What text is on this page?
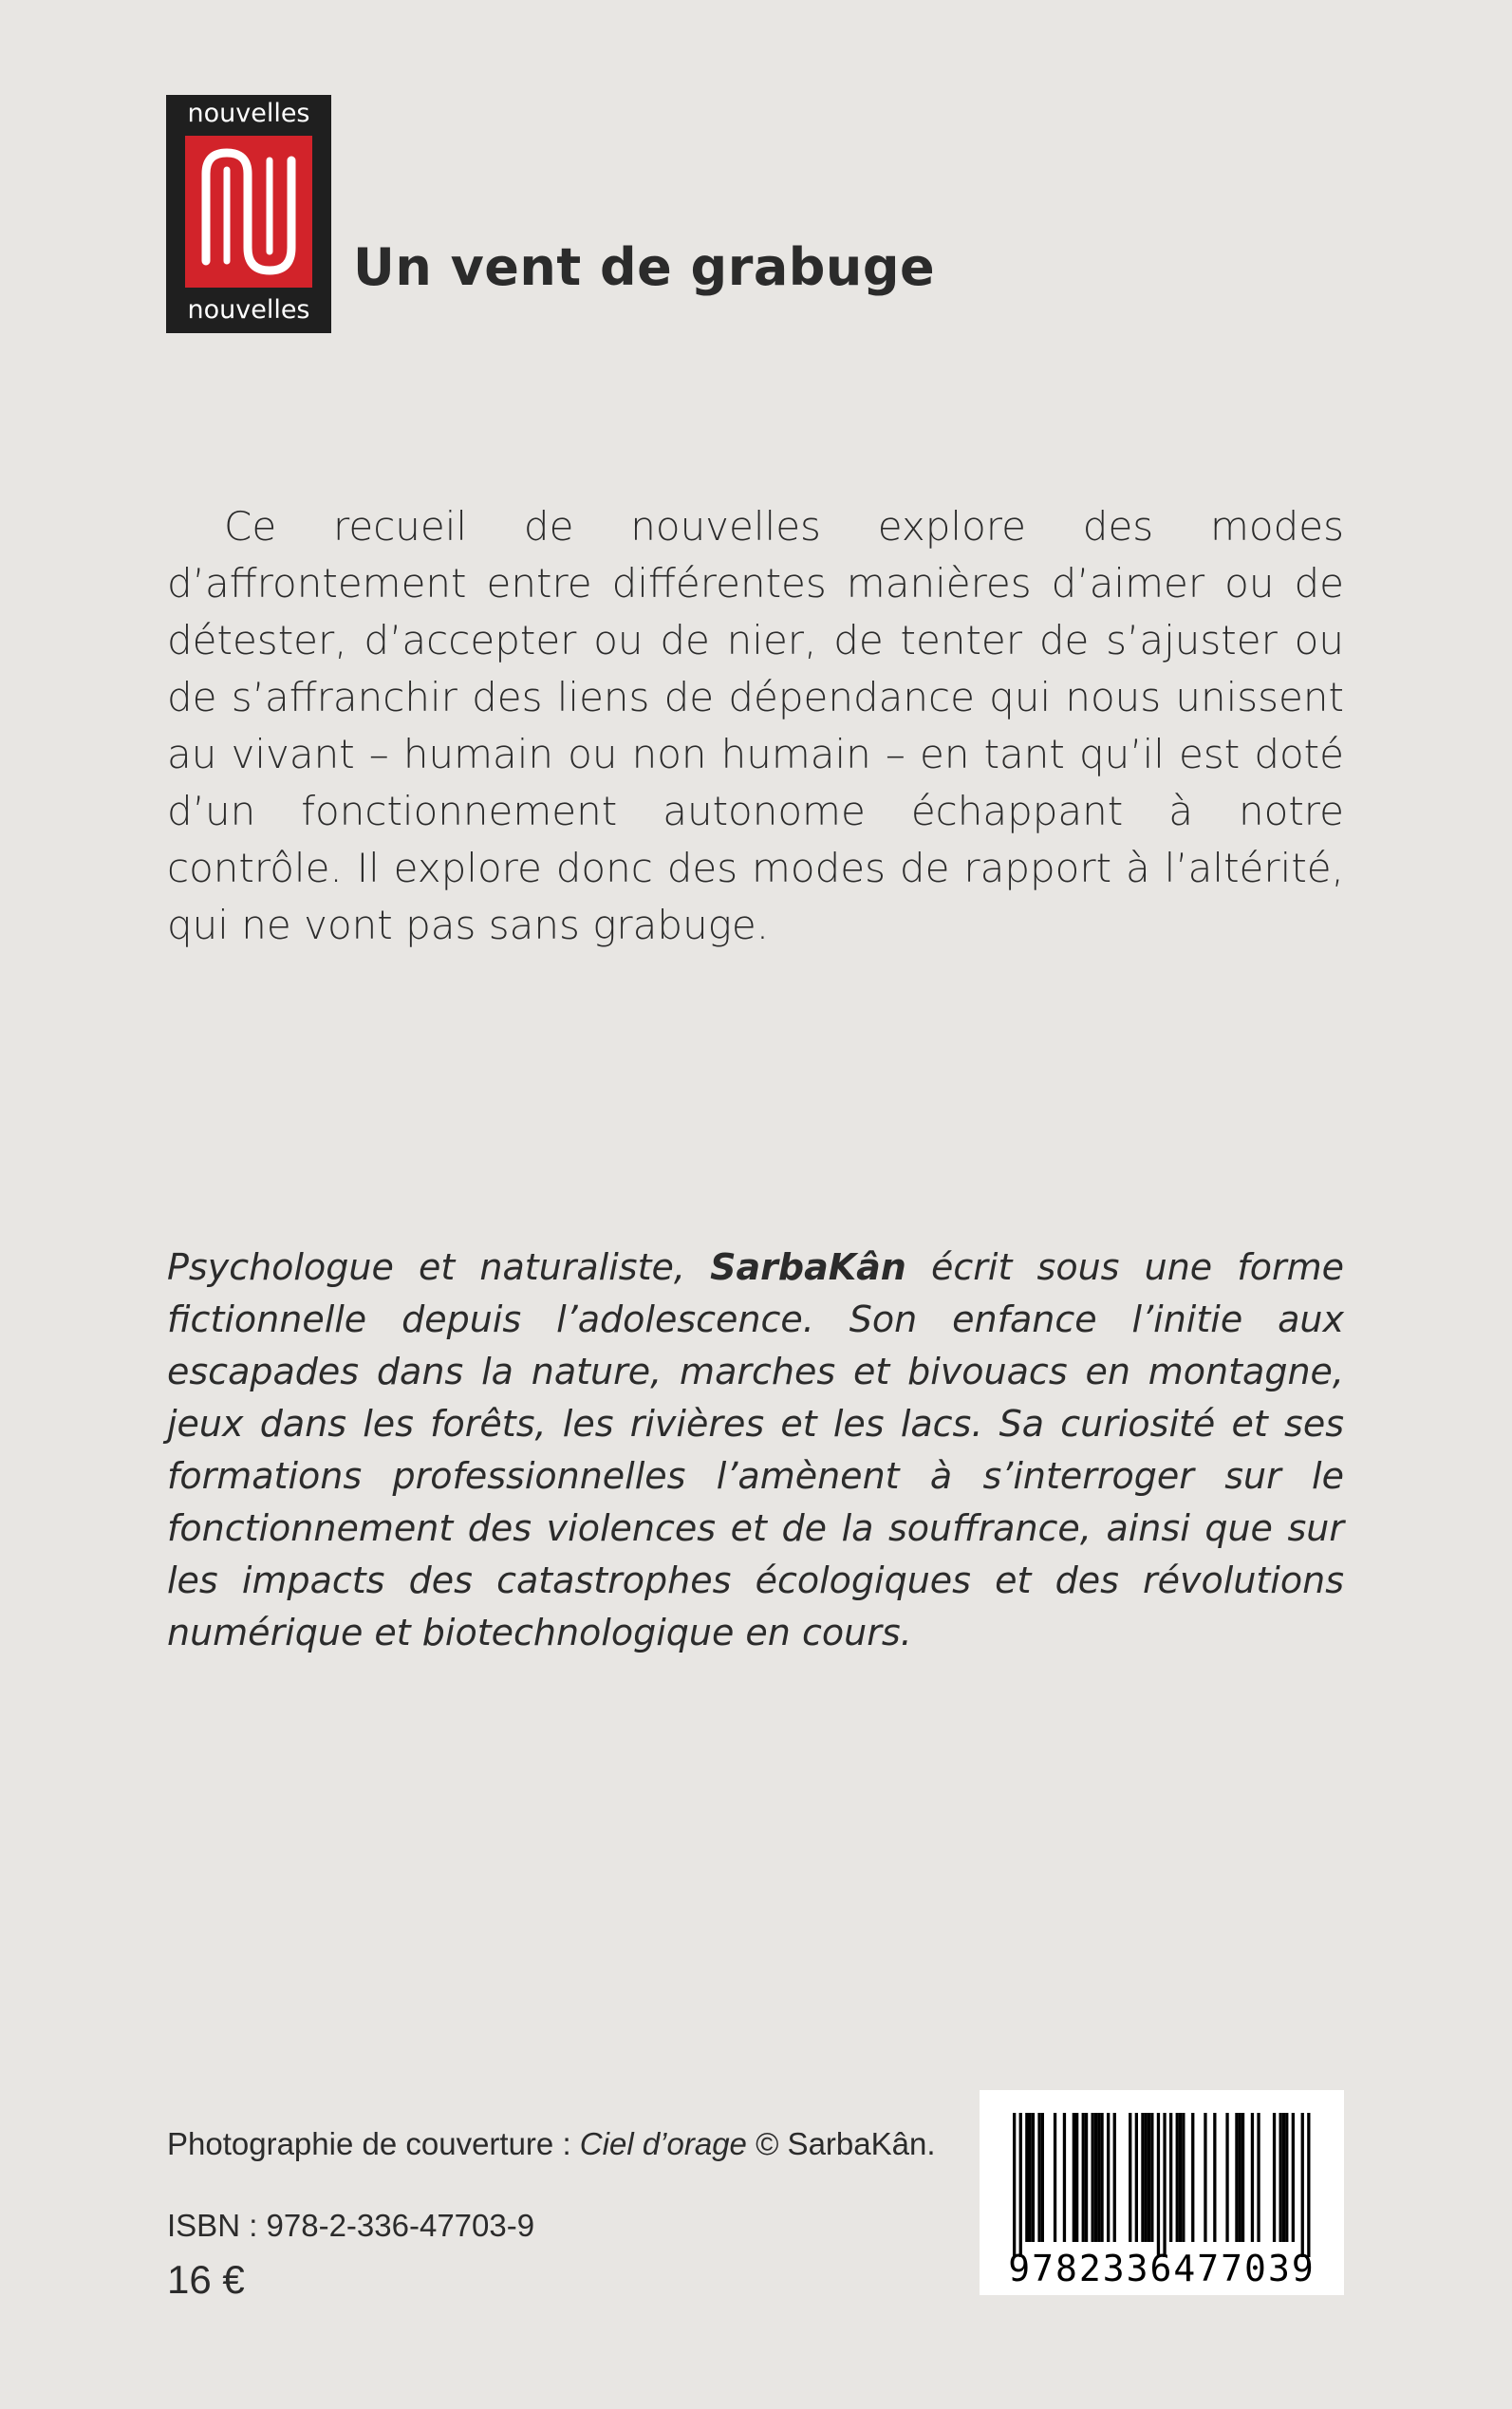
nouvelles
nouvelles
Un vent de grabuge

Ce recueil de nouvelles explore des modes d’affrontement entre différentes manières d’aimer ou de détester, d’accepter ou de nier, de tenter de s’ajuster ou de s’affranchir des liens de dépendance qui nous unissent au vivant – humain ou non humain – en tant qu’il est doté d’un fonctionnement autonome échappant à notre contrôle. Il explore donc des modes de rapport à l’altérité, qui ne vont pas sans grabuge.

Psychologue et naturaliste, SarbaKân écrit sous une forme fictionnelle depuis l’adolescence. Son enfance l’initie aux escapades dans la nature, marches et bivouacs en montagne, jeux dans les forêts, les rivières et les lacs. Sa curiosité et ses formations professionnelles l’amènent à s’interroger sur le fonctionnement des violences et de la souffrance, ainsi que sur les impacts des catastrophes écologiques et des révolutions numérique et biotechnologique en cours.

Photographie de couverture : Ciel d’orage © SarbaKân.
ISBN : 978-2-336-47703-9
16 €	9782336477039
